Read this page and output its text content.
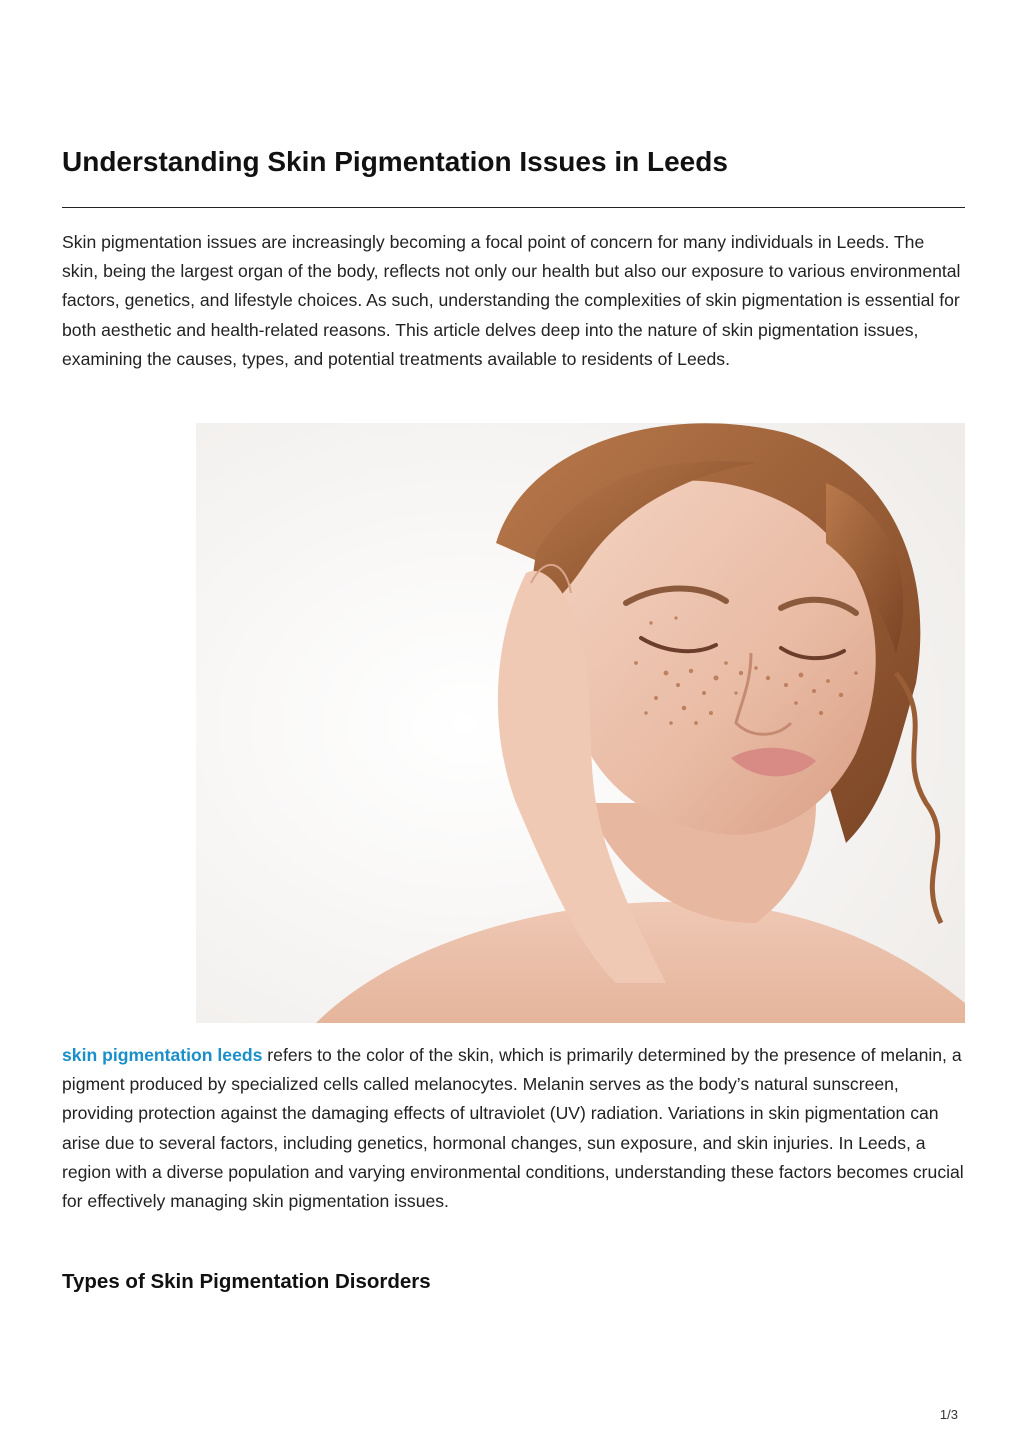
Understanding Skin Pigmentation Issues in Leeds

Skin pigmentation issues are increasingly becoming a focal point of concern for many individuals in Leeds. The skin, being the largest organ of the body, reflects not only our health but also our exposure to various environmental factors, genetics, and lifestyle choices. As such, understanding the complexities of skin pigmentation is essential for both aesthetic and health-related reasons. This article delves deep into the nature of skin pigmentation issues, examining the causes, types, and potential treatments available to residents of Leeds.

skin pigmentation leeds refers to the color of the skin, which is primarily determined by the presence of melanin, a pigment produced by specialized cells called melanocytes. Melanin serves as the body’s natural sunscreen, providing protection against the damaging effects of ultraviolet (UV) radiation. Variations in skin pigmentation can arise due to several factors, including genetics, hormonal changes, sun exposure, and skin injuries. In Leeds, a region with a diverse population and varying environmental conditions, understanding these factors becomes crucial for effectively managing skin pigmentation issues.

Types of Skin Pigmentation Disorders
1/3
